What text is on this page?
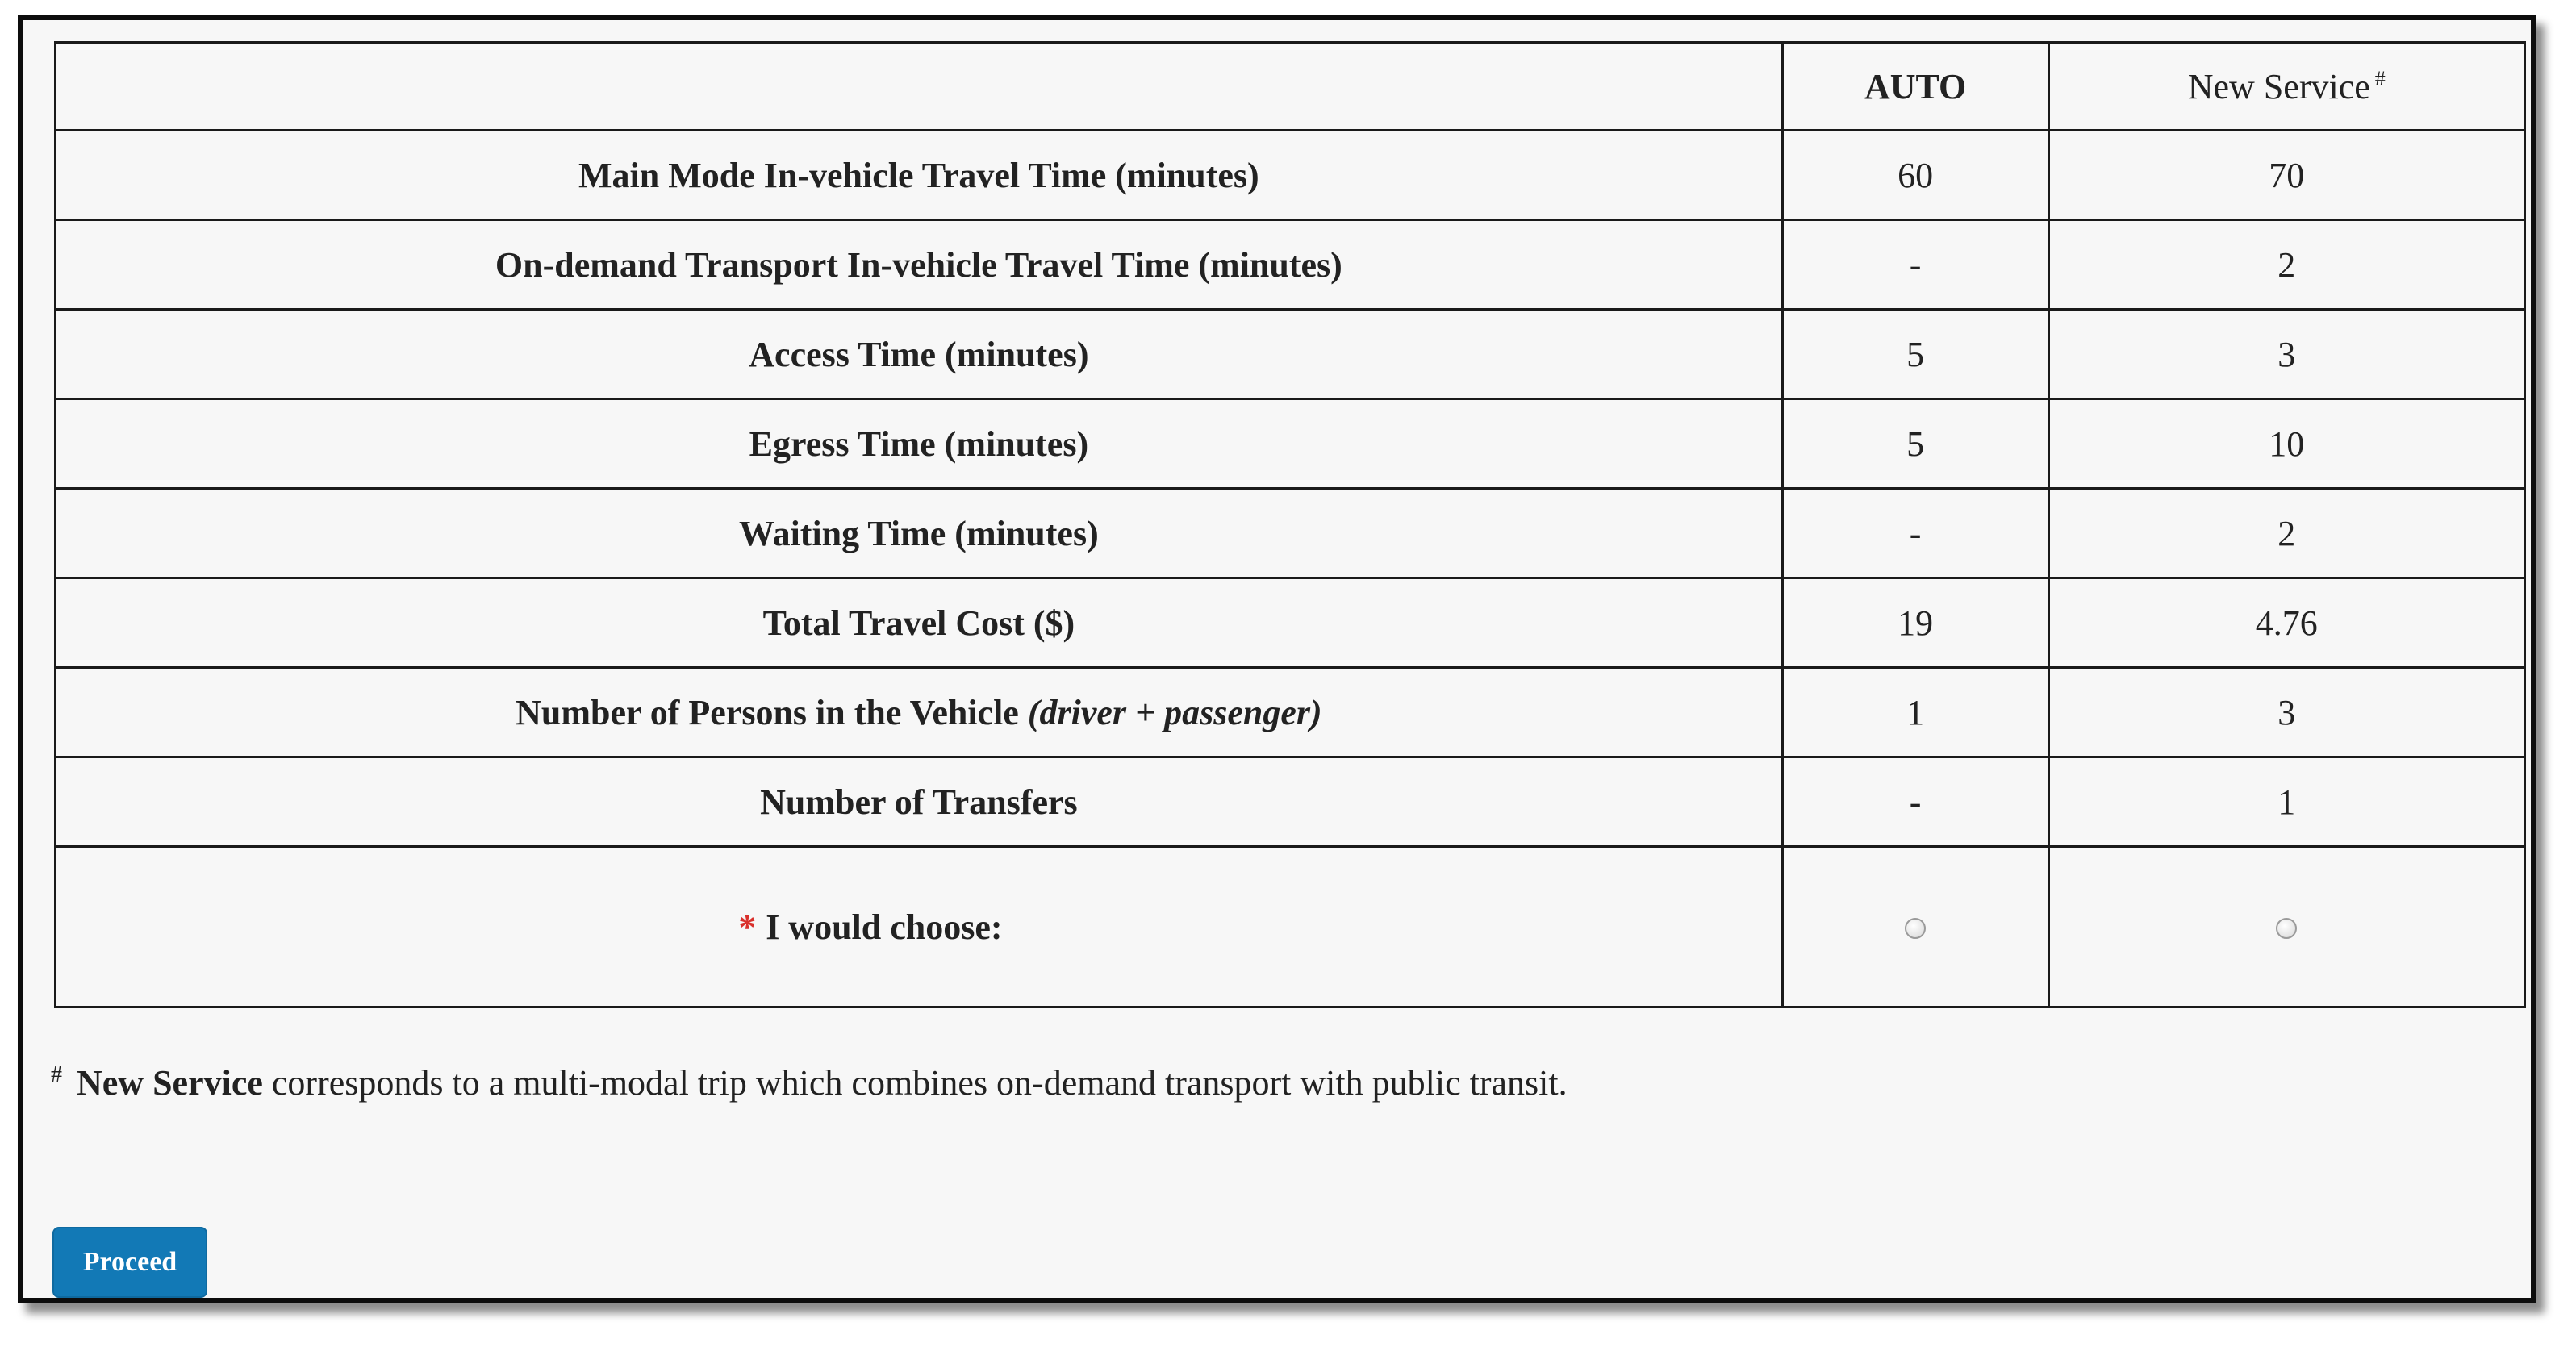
	AUTO	New Service #
Main Mode In-vehicle Travel Time (minutes)	60	70
On-demand Transport In-vehicle Travel Time (minutes)	-	2
Access Time (minutes)	5	3
Egress Time (minutes)	5	10
Waiting Time (minutes)	-	2
Total Travel Cost ($)	19	4.76
Number of Persons in the Vehicle (driver + passenger)	1	3
Number of Transfers	-	1
* I would choose:		
# New Service corresponds to a multi-modal trip which combines on-demand transport with public transit.
Proceed
